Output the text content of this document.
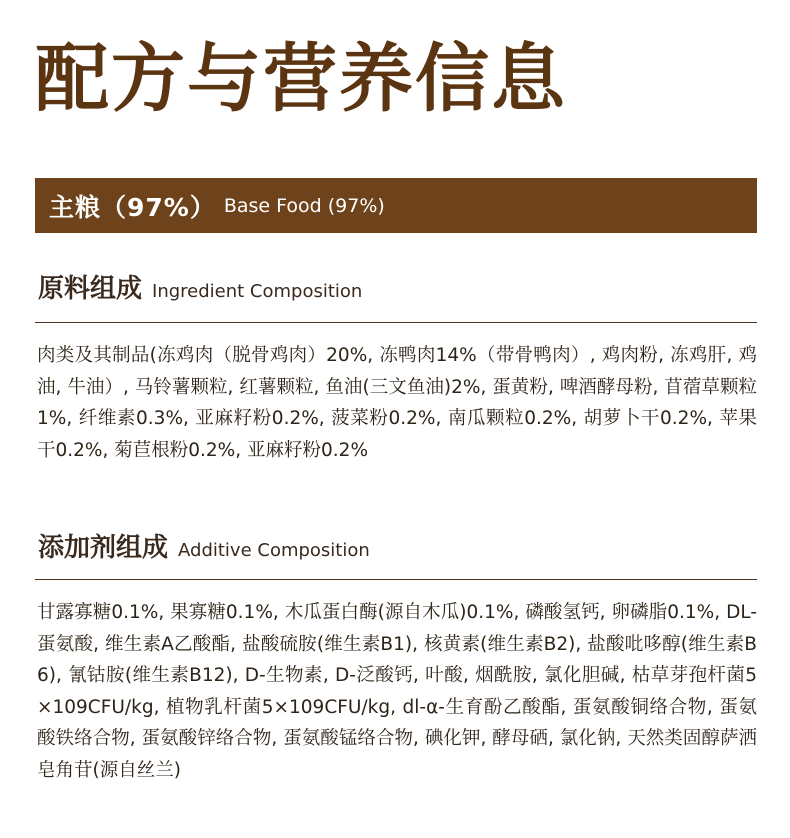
配方与营养信息
主粮（97%） Base Food (97%)
原料组成 Ingredient Composition

肉类及其制品(冻鸡肉（脱骨鸡肉）20%, 冻鸭肉14%（带骨鸭肉）, 鸡肉粉, 冻鸡肝, 鸡油, 牛油）, 马铃薯颗粒, 红薯颗粒, 鱼油(三文鱼油)2%, 蛋黄粉, 啤酒酵母粉, 苜蓿草颗粒1%, 纤维素0.3%, 亚麻籽粉0.2%, 菠菜粉0.2%, 南瓜颗粒0.2%, 胡萝卜干0.2%, 苹果干0.2%, 菊苣根粉0.2%, 亚麻籽粉0.2%

添加剂组成 Additive Composition

甘露寡糖0.1%, 果寡糖0.1%, 木瓜蛋白酶(源自木瓜)0.1%, 磷酸氢钙, 卵磷脂0.1%, DL-蛋氨酸, 维生素A乙酸酯, 盐酸硫胺(维生素B1), 核黄素(维生素B2), 盐酸吡哆醇(维生素B6), 氰钴胺(维生素B12), D-生物素, D-泛酸钙, 叶酸, 烟酰胺, 氯化胆碱, 枯草芽孢杆菌5×109CFU/kg, 植物乳杆菌5×109CFU/kg, dl-α-生育酚乙酸酯, 蛋氨酸铜络合物, 蛋氨酸铁络合物, 蛋氨酸锌络合物, 蛋氨酸锰络合物, 碘化钾, 酵母硒, 氯化钠, 天然类固醇萨洒皂角苷(源自丝兰)
